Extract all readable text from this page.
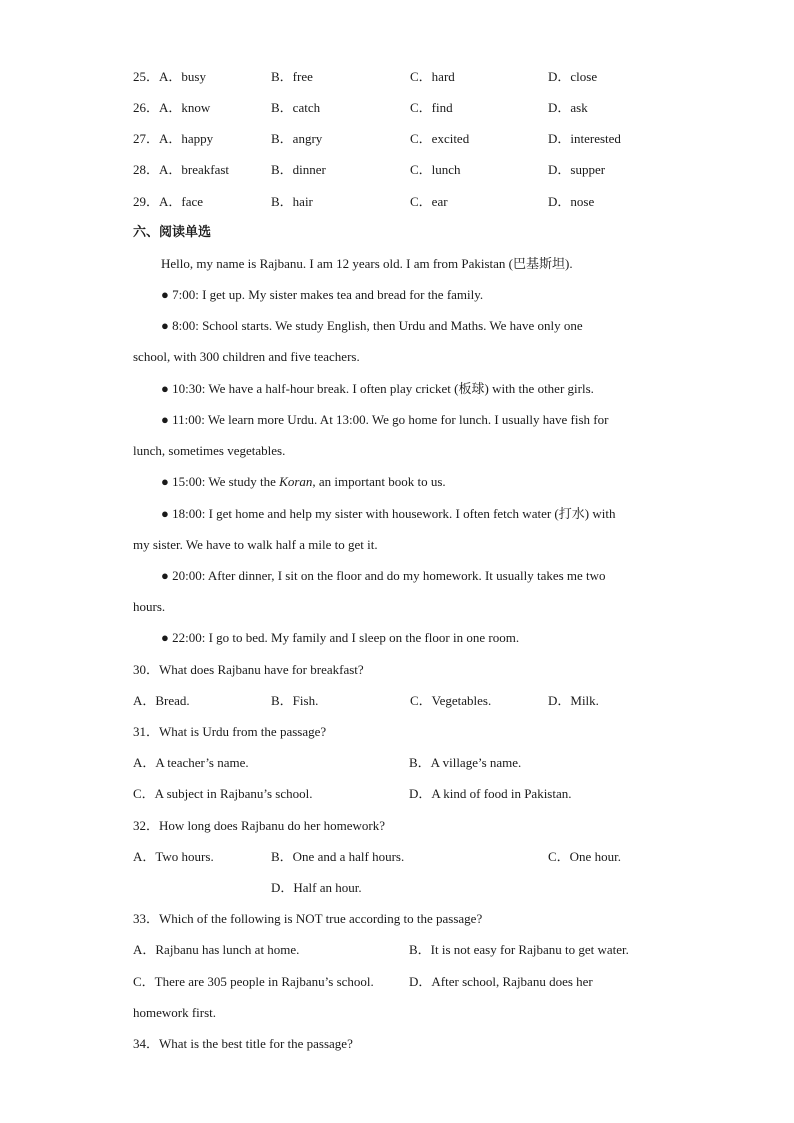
25．A．busy	B．free	C．hard	D．close
26．A．know	B．catch	C．find	D．ask
27．A．happy	B．angry	C．excited	D．interested
28．A．breakfast	B．dinner	C．lunch	D．supper
29．A．face	B．hair	C．ear	D．nose
六、阅读单选
Hello, my name is Rajbanu. I am 12 years old. I am from Pakistan (巴基斯坦).
● 7:00: I get up. My sister makes tea and bread for the family.
● 8:00: School starts. We study English, then Urdu and Maths. We have only one
school, with 300 children and five teachers.
● 10:30: We have a half-hour break. I often play cricket (板球) with the other girls.
● 11:00: We learn more Urdu. At 13:00. We go home for lunch. I usually have fish for
lunch, sometimes vegetables.
● 15:00: We study the Koran, an important book to us.
● 18:00: I get home and help my sister with housework. I often fetch water (打水) with
my sister. We have to walk half a mile to get it.
● 20:00: After dinner, I sit on the floor and do my homework. It usually takes me two
hours.
● 22:00: I go to bed. My family and I sleep on the floor in one room.
30．What does Rajbanu have for breakfast?
A．Bread.	B．Fish.	C．Vegetables.	D．Milk.
31．What is Urdu from the passage?
A．A teacher’s name.	B．A village’s name.
C．A subject in Rajbanu’s school.	D．A kind of food in Pakistan.
32．How long does Rajbanu do her homework?
A．Two hours.	B．One and a half hours.	C．One hour.
D．Half an hour.
33．Which of the following is NOT true according to the passage?
A．Rajbanu has lunch at home.	B．It is not easy for Rajbanu to get water.
C．There are 305 people in Rajbanu’s school.	D．After school, Rajbanu does her
homework first.
34．What is the best title for the passage?
